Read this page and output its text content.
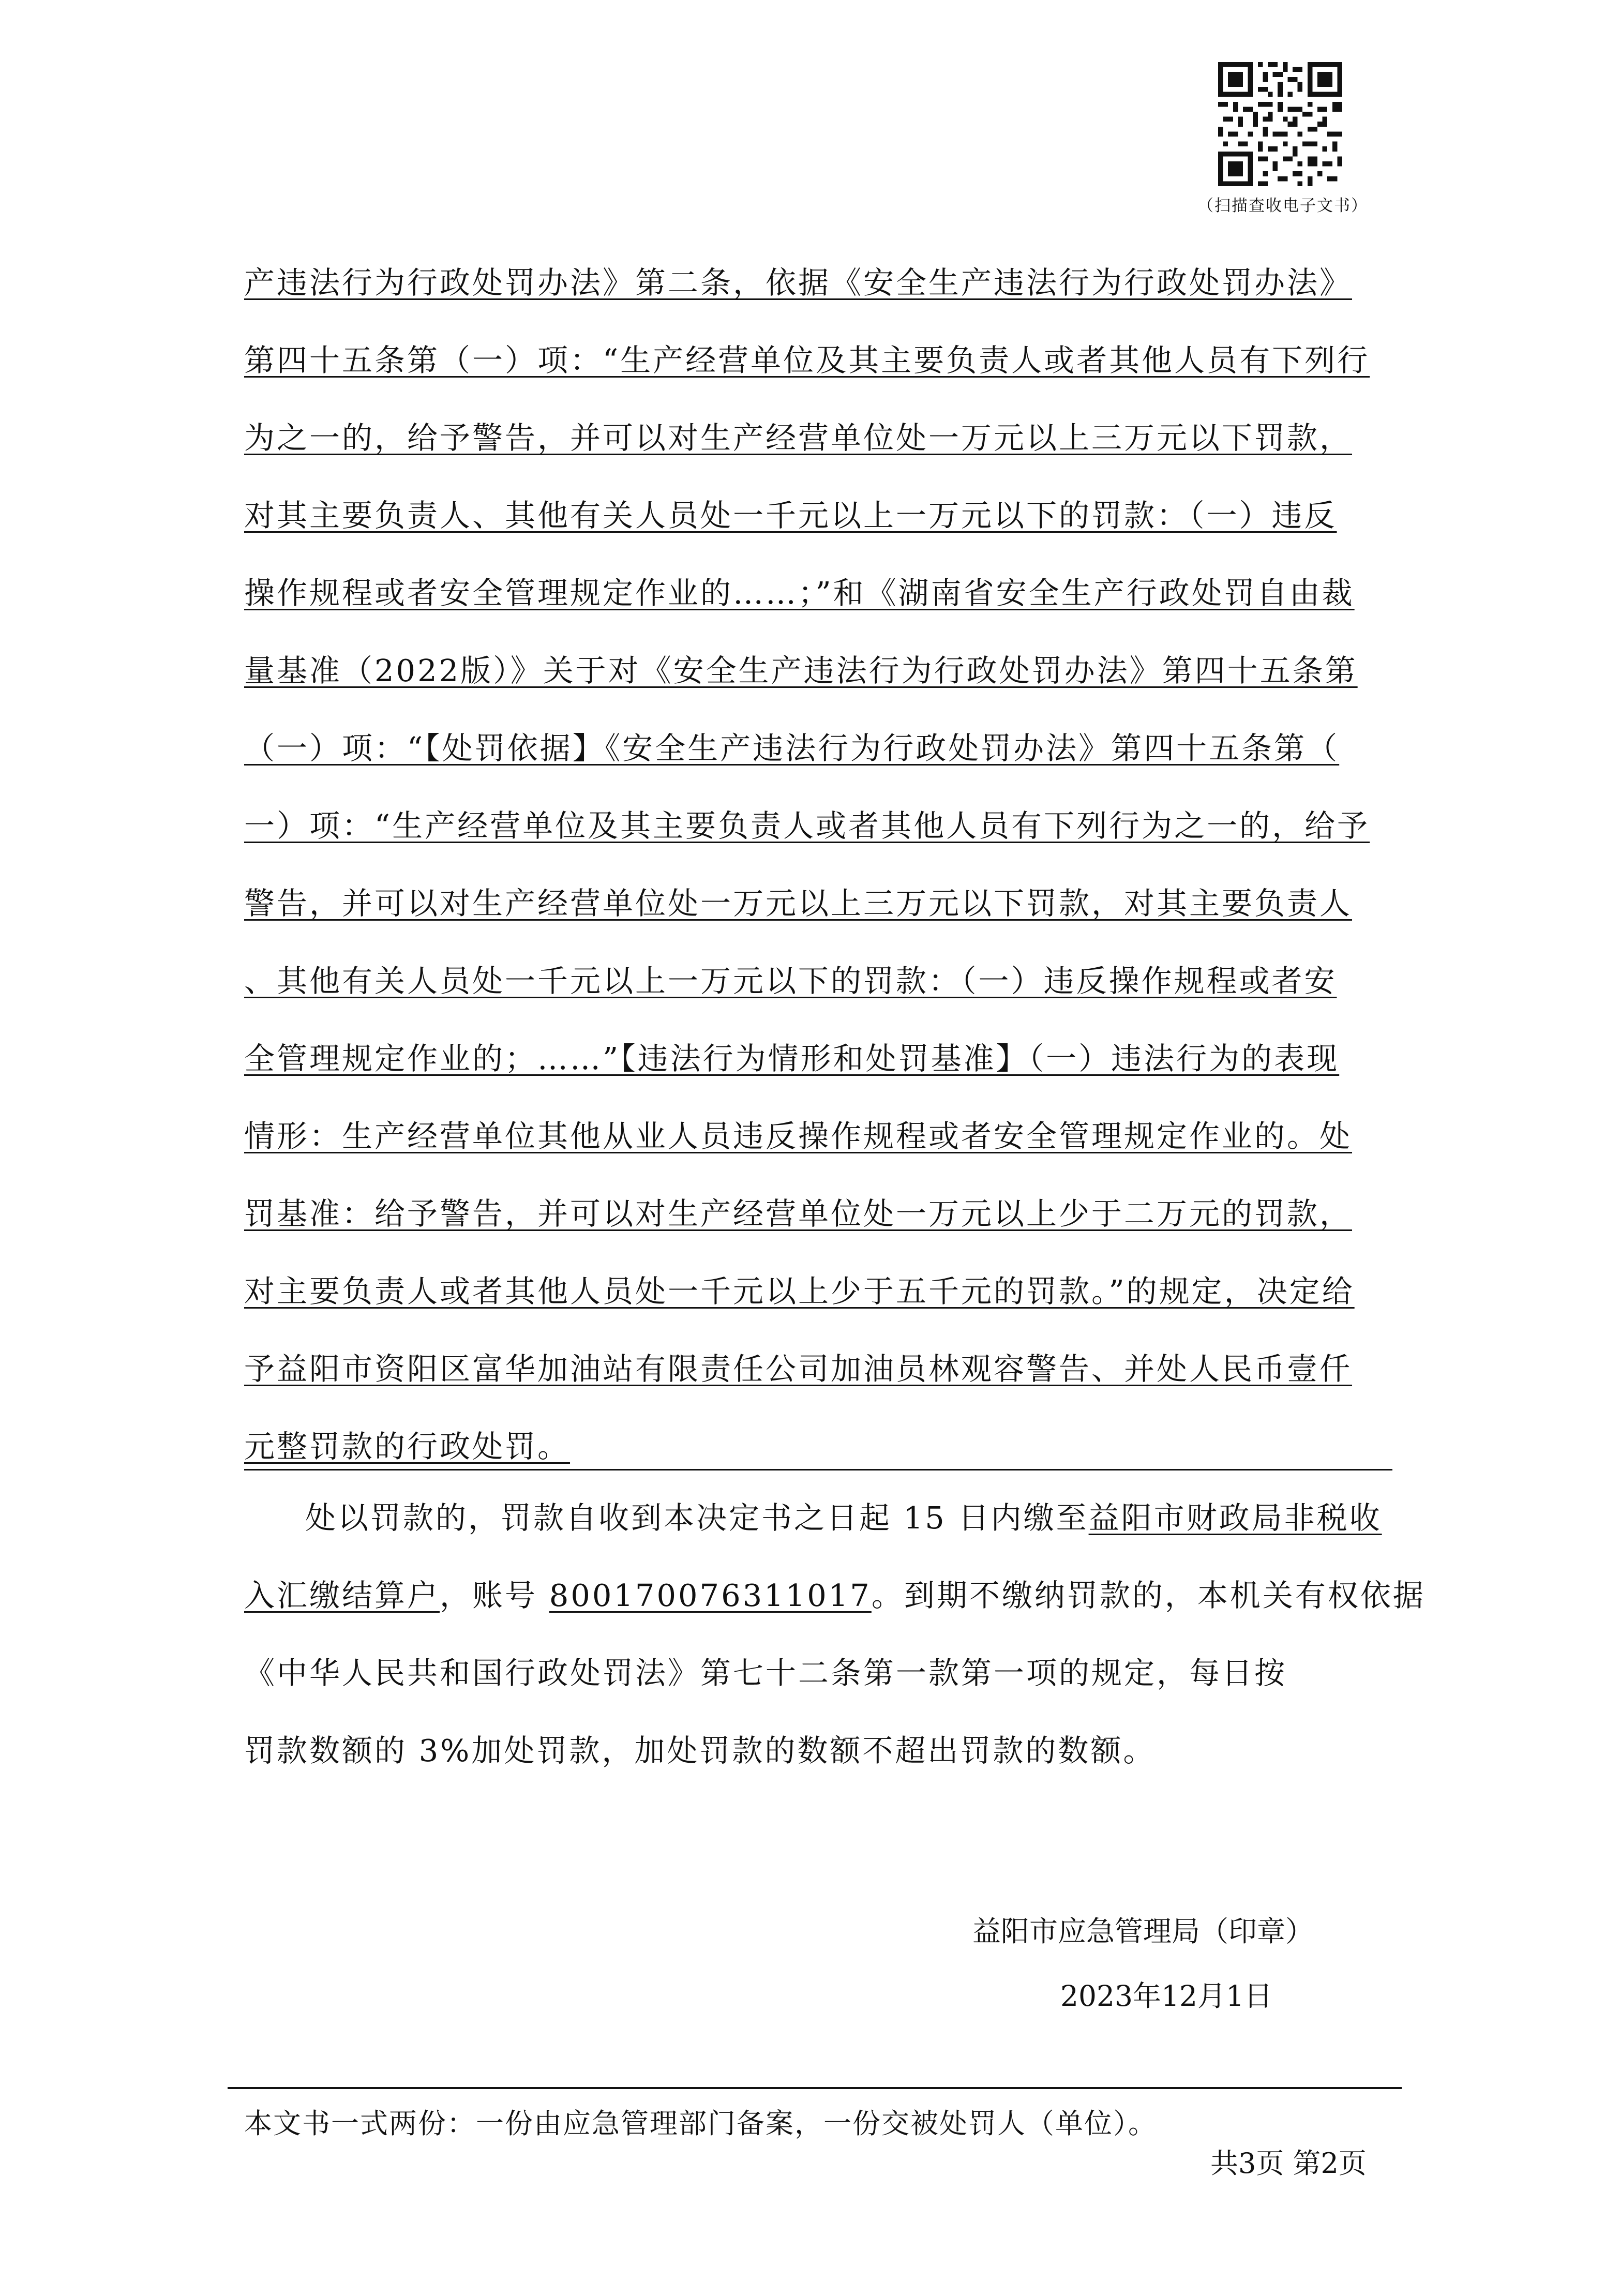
（扫描查收电子文书）
产违法行为行政处罚办法》第二条，依据《安全生产违法行为行政处罚办法》
第四十五条第（一）项：“生产经营单位及其主要负责人或者其他人员有下列行
为之一的，给予警告，并可以对生产经营单位处一万元以上三万元以下罚款，
对其主要负责人、其他有关人员处一千元以上一万元以下的罚款：（一）违反
操作规程或者安全管理规定作业的……；”和《湖南省安全生产行政处罚自由裁
量基准（2022版）》关于对《安全生产违法行为行政处罚办法》第四十五条第
（一）项：“【处罚依据】《安全生产违法行为行政处罚办法》第四十五条第（
一）项：“生产经营单位及其主要负责人或者其他人员有下列行为之一的，给予
警告，并可以对生产经营单位处一万元以上三万元以下罚款，对其主要负责人
、其他有关人员处一千元以上一万元以下的罚款：（一）违反操作规程或者安
全管理规定作业的；……”【违法行为情形和处罚基准】（一）违法行为的表现
情形：生产经营单位其他从业人员违反操作规程或者安全管理规定作业的。处
罚基准：给予警告，并可以对生产经营单位处一万元以上少于二万元的罚款，
对主要负责人或者其他人员处一千元以上少于五千元的罚款。”的规定，决定给
予益阳市资阳区富华加油站有限责任公司加油员林观容警告、并处人民币壹仟
元整罚款的行政处罚。
处以罚款的，罚款自收到本决定书之日起 15 日内缴至益阳市财政局非税收
入汇缴结算户，账号 800170076311017。到期不缴纳罚款的，本机关有权依据
《中华人民共和国行政处罚法》第七十二条第一款第一项的规定，每日按
罚款数额的 3%加处罚款，加处罚款的数额不超出罚款的数额。
益阳市应急管理局（印章）
2023年12月1日
本文书一式两份：一份由应急管理部门备案，一份交被处罚人（单位）。
共3页 第2页
